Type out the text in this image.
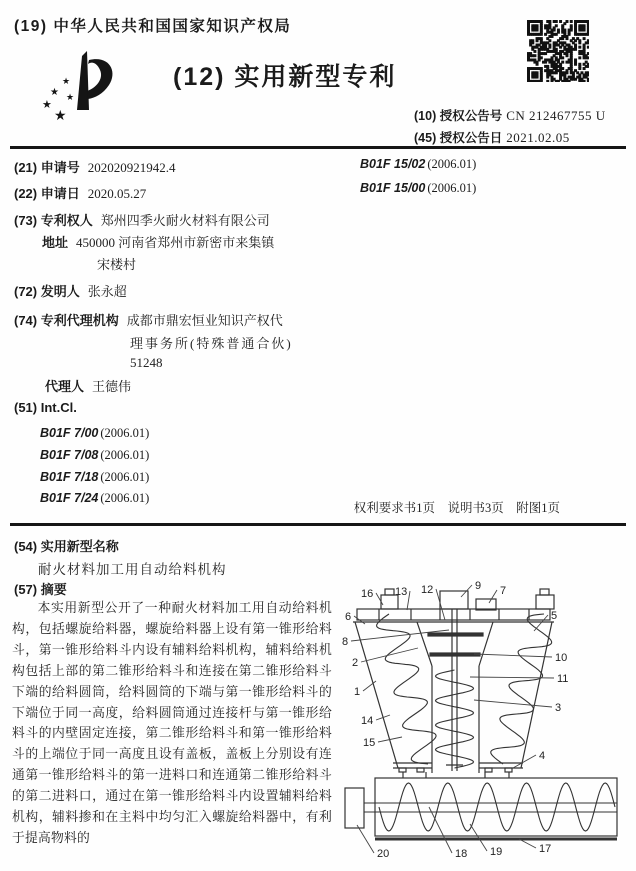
(19) 中华人民共和国国家知识产权局
★
★ ★
★
★
(12) 实用新型专利
(10) 授权公告号 CN 212467755 U
(45) 授权公告日 2021.02.05
(21) 申请号 202020921942.4
(22) 申请日 2020.05.27
(73) 专利权人 郑州四季火耐火材料有限公司
地址 450000 河南省郑州市新密市来集镇
宋楼村
(72) 发明人 张永超
(74) 专利代理机构 成都市鼎宏恒业知识产权代
理事务所(特殊普通合伙)
51248
代理人 王德伟
(51) Int.Cl.
B01F 7/00 (2006.01)
B01F 7/08 (2006.01)
B01F 7/18 (2006.01)
B01F 7/24 (2006.01)
B01F 15/02 (2006.01)
B01F 15/00 (2006.01)
权利要求书1页　说明书3页　附图1页
(54) 实用新型名称
耐火材料加工用自动给料机构
(57) 摘要
本实用新型公开了一种耐火材料加工用自动给料机构，包括螺旋给料器，螺旋给料器上设有第一锥形给料斗，第一锥形给料斗内设有辅料给料机构，辅料给料机构包括上部的第二锥形给料斗和连接在第二锥形给料斗下端的给料圆筒，给料圆筒的下端与第一锥形给料斗的下端位于同一高度，给料圆筒通过连接杆与第一锥形给料斗的内壁固定连接，第二锥形给料斗和第一锥形给料斗的上端位于同一高度且设有盖板，盖板上分别设有连通第一锥形给料斗的第一进料口和连通第二锥形给料斗的第二进料口，通过在第一锥形给料斗内设置辅料给料机构，辅料掺和在主料中均匀汇入螺旋给料器中，有利于提高物料的
16 13 12	9 7
6	5
8
2
1
14
15
10
11
3
4
20	18 19	17
